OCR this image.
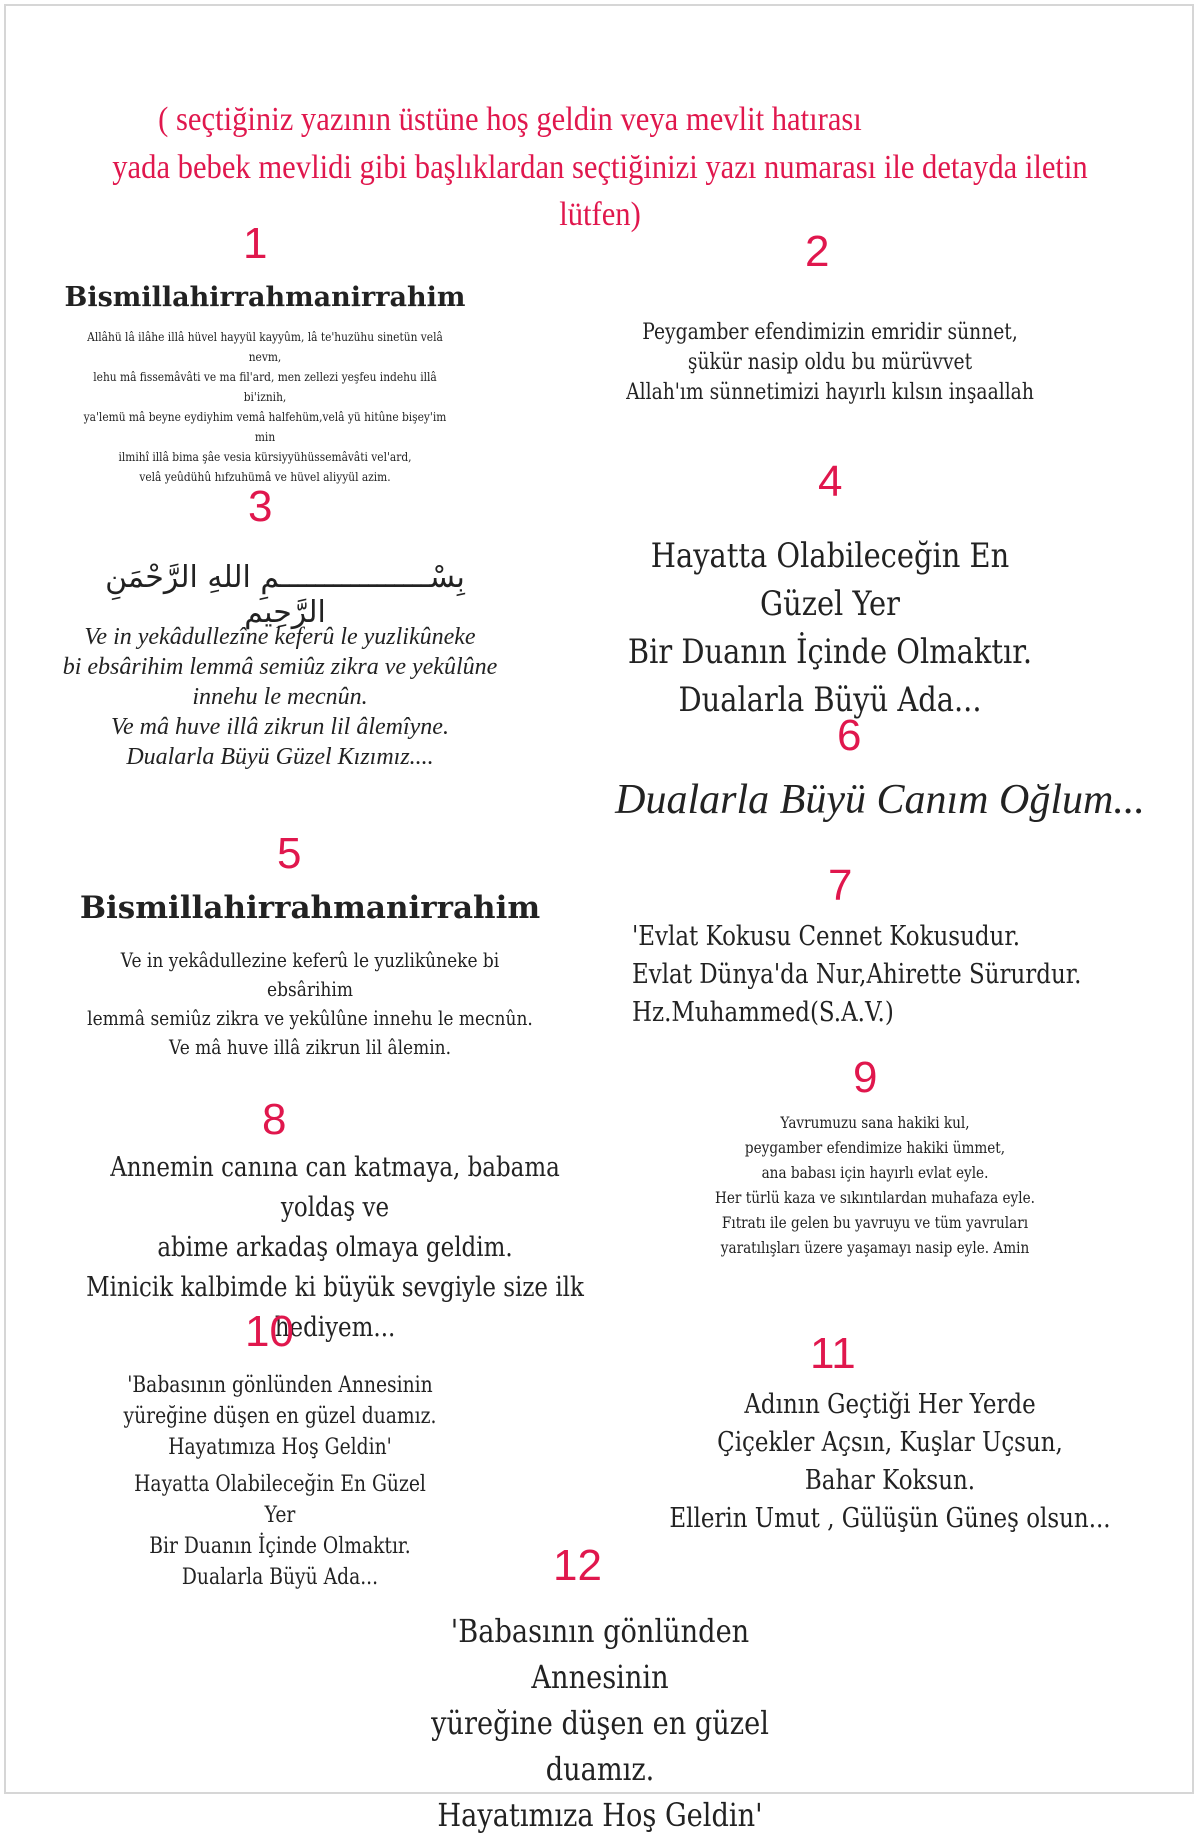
( seçtiğiniz yazının üstüne hoş geldin veya mevlit hatırası
yada bebek mevlidi gibi başlıklardan seçtiğinizi yazı numarası ile detayda iletin lütfen)
1
Bismillahirrahmanirrahim
Allâhü lâ ilâhe illâ hüvel hayyül kayyûm, lâ te'huzühu sinetün velâ nevm,
lehu mâ fissemâvâti ve ma fil'ard, men zellezi yeşfeu indehu illâ bi'iznih,
ya'lemü mâ beyne eydiyhim vemâ halfehüm,velâ yü hitûne bişey'im min
ilmihî illâ bima şâe vesia kürsiyyühüssemâvâti vel'ard,
velâ yeûdühû hıfzuhümâ ve hüvel aliyyül azim.
2
Peygamber efendimizin emridir sünnet,
şükür nasip oldu bu mürüvvet
Allah'ım sünnetimizi hayırlı kılsın inşaallah
3
بِسْـــــــــــــــــمِ اللهِ الرَّحْمَنِ الرَّحِيم
Ve in yekâdullezîne keferû le yuzlikûneke
bi ebsârihim lemmâ semiûz zikra ve yekûlûne
innehu le mecnûn.
Ve mâ huve illâ zikrun lil âlemîyne.
Dualarla Büyü Güzel Kızımız....
4
Hayatta Olabileceğin En Güzel Yer
Bir Duanın İçinde Olmaktır.
Dualarla Büyü Ada...
6
Dualarla Büyü Canım Oğlum...
5
Bismillahirrahmanirrahim
Ve in yekâdullezine keferû le yuzlikûneke bi ebsârihim
lemmâ semiûz zikra ve yekûlûne innehu le mecnûn.
Ve mâ huve illâ zikrun lil âlemin.
7
'Evlat Kokusu Cennet Kokusudur.
Evlat Dünya'da Nur,Ahirette Sürurdur.
Hz.Muhammed(S.A.V.)
8
Annemin canına can katmaya, babama yoldaş ve
abime arkadaş olmaya geldim.
Minicik kalbimde ki büyük sevgiyle size ilk hediyem...
9
Yavrumuzu sana hakiki kul,
peygamber efendimize hakiki ümmet,
ana babası için hayırlı evlat eyle.
Her türlü kaza ve sıkıntılardan muhafaza eyle.
Fıtratı ile gelen bu yavruyu ve tüm yavruları
yaratılışları üzere yaşamayı nasip eyle. Amin
10
'Babasının gönlünden Annesinin
yüreğine düşen en güzel duamız.
Hayatımıza Hoş Geldin'
Hayatta Olabileceğin En Güzel Yer
Bir Duanın İçinde Olmaktır.
Dualarla Büyü Ada...
11
Adının Geçtiği Her Yerde
Çiçekler Açsın, Kuşlar Uçsun,
Bahar Koksun.
Ellerin Umut , Gülüşün Güneş olsun...
12
'Babasının gönlünden Annesinin
yüreğine düşen en güzel duamız.
Hayatımıza Hoş Geldin'
